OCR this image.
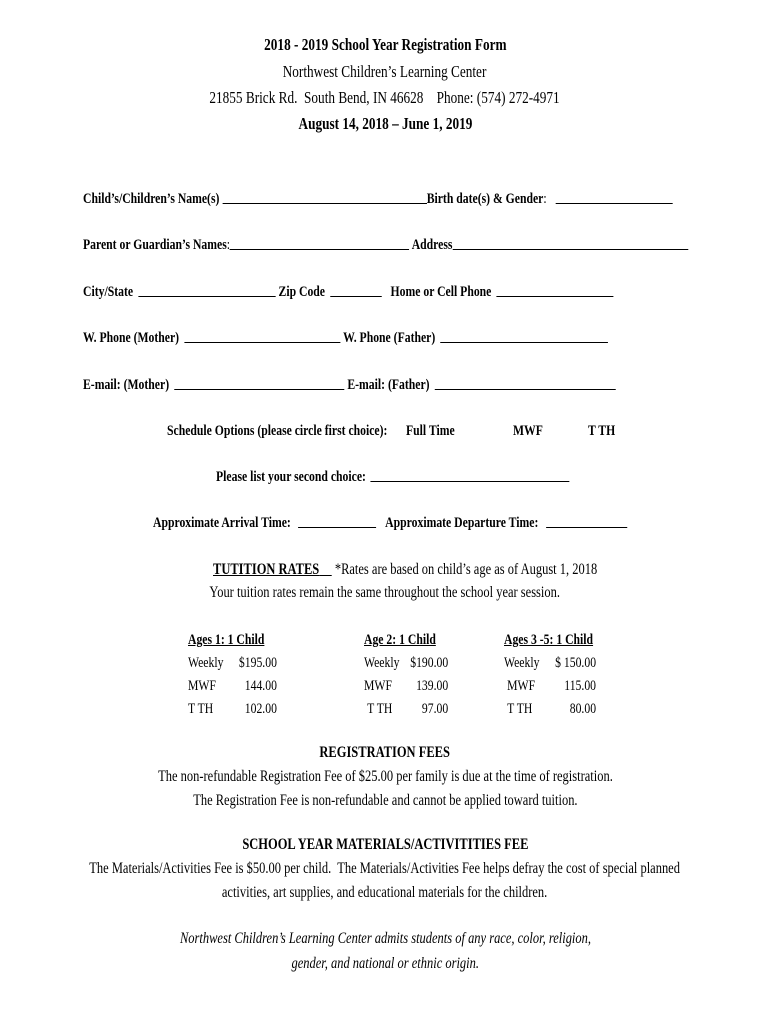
2018 - 2019 School Year Registration Form
Northwest Children’s Learning Center
21855 Brick Rd.  South Bend, IN 46628    Phone: (574) 272-4971
August 14, 2018 – June 1, 2019
Child’s/Children’s Name(s)	Birth date(s) & Gender:
Parent or Guardian’s Names:	Address
City/State	Zip Code	Home or Cell Phone
W. Phone (Mother)	W. Phone (Father)
E-mail: (Mother)	E-mail: (Father)
Schedule Options (please circle first choice):	Full Time	MWF	T TH
Please list your second choice:
Approximate Arrival Time:	Approximate Departure Time:
TUTITION RATES *Rates are based on child’s age as of August 1, 2018
Your tuition rates remain the same throughout the school year session.
Ages 1: 1 Child
Weekly $195.00
MWF 144.00
T TH 102.00
Age 2: 1 Child
Weekly $190.00
MWF 139.00
T TH 97.00
Ages 3 -5: 1 Child
Weekly $ 150.00
MWF 115.00
T TH 80.00
REGISTRATION FEES
The non-refundable Registration Fee of $25.00 per family is due at the time of registration.
The Registration Fee is non-refundable and cannot be applied toward tuition.
SCHOOL YEAR MATERIALS/ACTIVITITIES FEE
The Materials/Activities Fee is $50.00 per child.  The Materials/Activities Fee helps defray the cost of special planned
activities, art supplies, and educational materials for the children.
Northwest Children’s Learning Center admits students of any race, color, religion,
gender, and national or ethnic origin.
